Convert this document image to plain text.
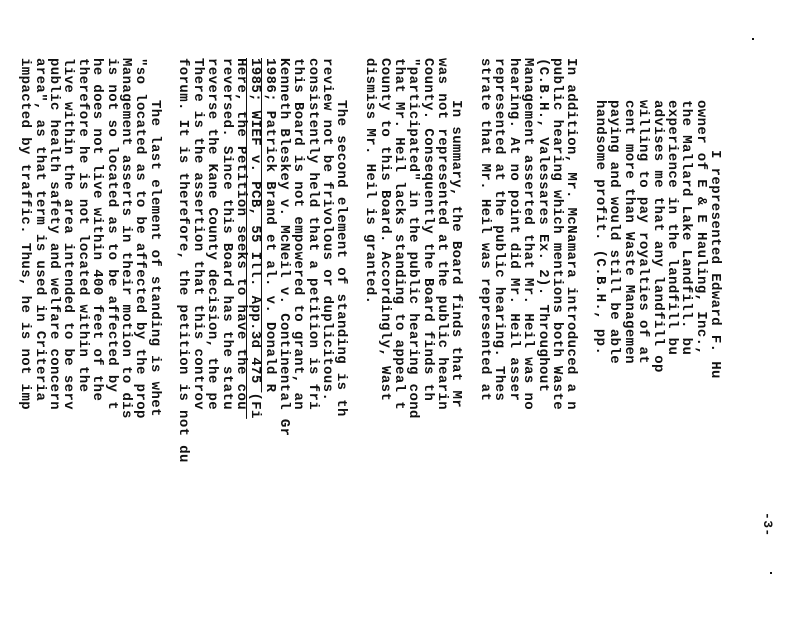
-3-
I represented Edward F. Hu
owner of E & E Hauling, Inc.,
the Mallard Lake Landfill. bu
experience in the landfill bu
advises me that any landfill op
willing to pay royalties of at
cent more than Waste Managemen
paying and would still be able
handsome profit. (C.B.H., pp.
In addition, Mr. McNamara introduced a n
public hearing which mentions both Waste
(C.B.H., Valessares Ex. 2). Throughout
Management asserted that Mr. Heil was no
hearing. At no point did Mr. Heil asser
represented at the public hearing. Thes
strate that Mr. Heil was represented at
In summary, the Board finds that Mr
was not represented at the public hearin
County. Consequently the Board finds th
"participated" in the public hearing cond
that Mr. Heil lacks standing to appeal t
County to this Board. Accordingly, Wast
dismiss Mr. Heil is granted.
The second element of standing is th
review not be frivolous or duplicitous.
consistently held that a petition is fri
this Board is not empowered to grant, an
Kenneth Bleskey v. McNeil v. Continental Gr
1986; Patrick Brand et al. v. Donald R
1985; WIEF v. PCB, 55 Ill. App.3d 475 (Fi
Here, the Petition seeks to have the cou
reversed. Since this Board has the statu
reverse the Kane County decision, the pe
There is the assertion that this controv
forum. It is therefore, the petition is not du
The last element of standing is whet
"so located as to be affected by the prop
Management asserts in their motion to dis
is not so located as to be affected by t
he does not live within 400 feet of the
therefore he is not located within the
live within the area intended to be serv
public health safety and welfare concern
area", as that term is used in Criteria
impacted by traffic. Thus, he is not imp
